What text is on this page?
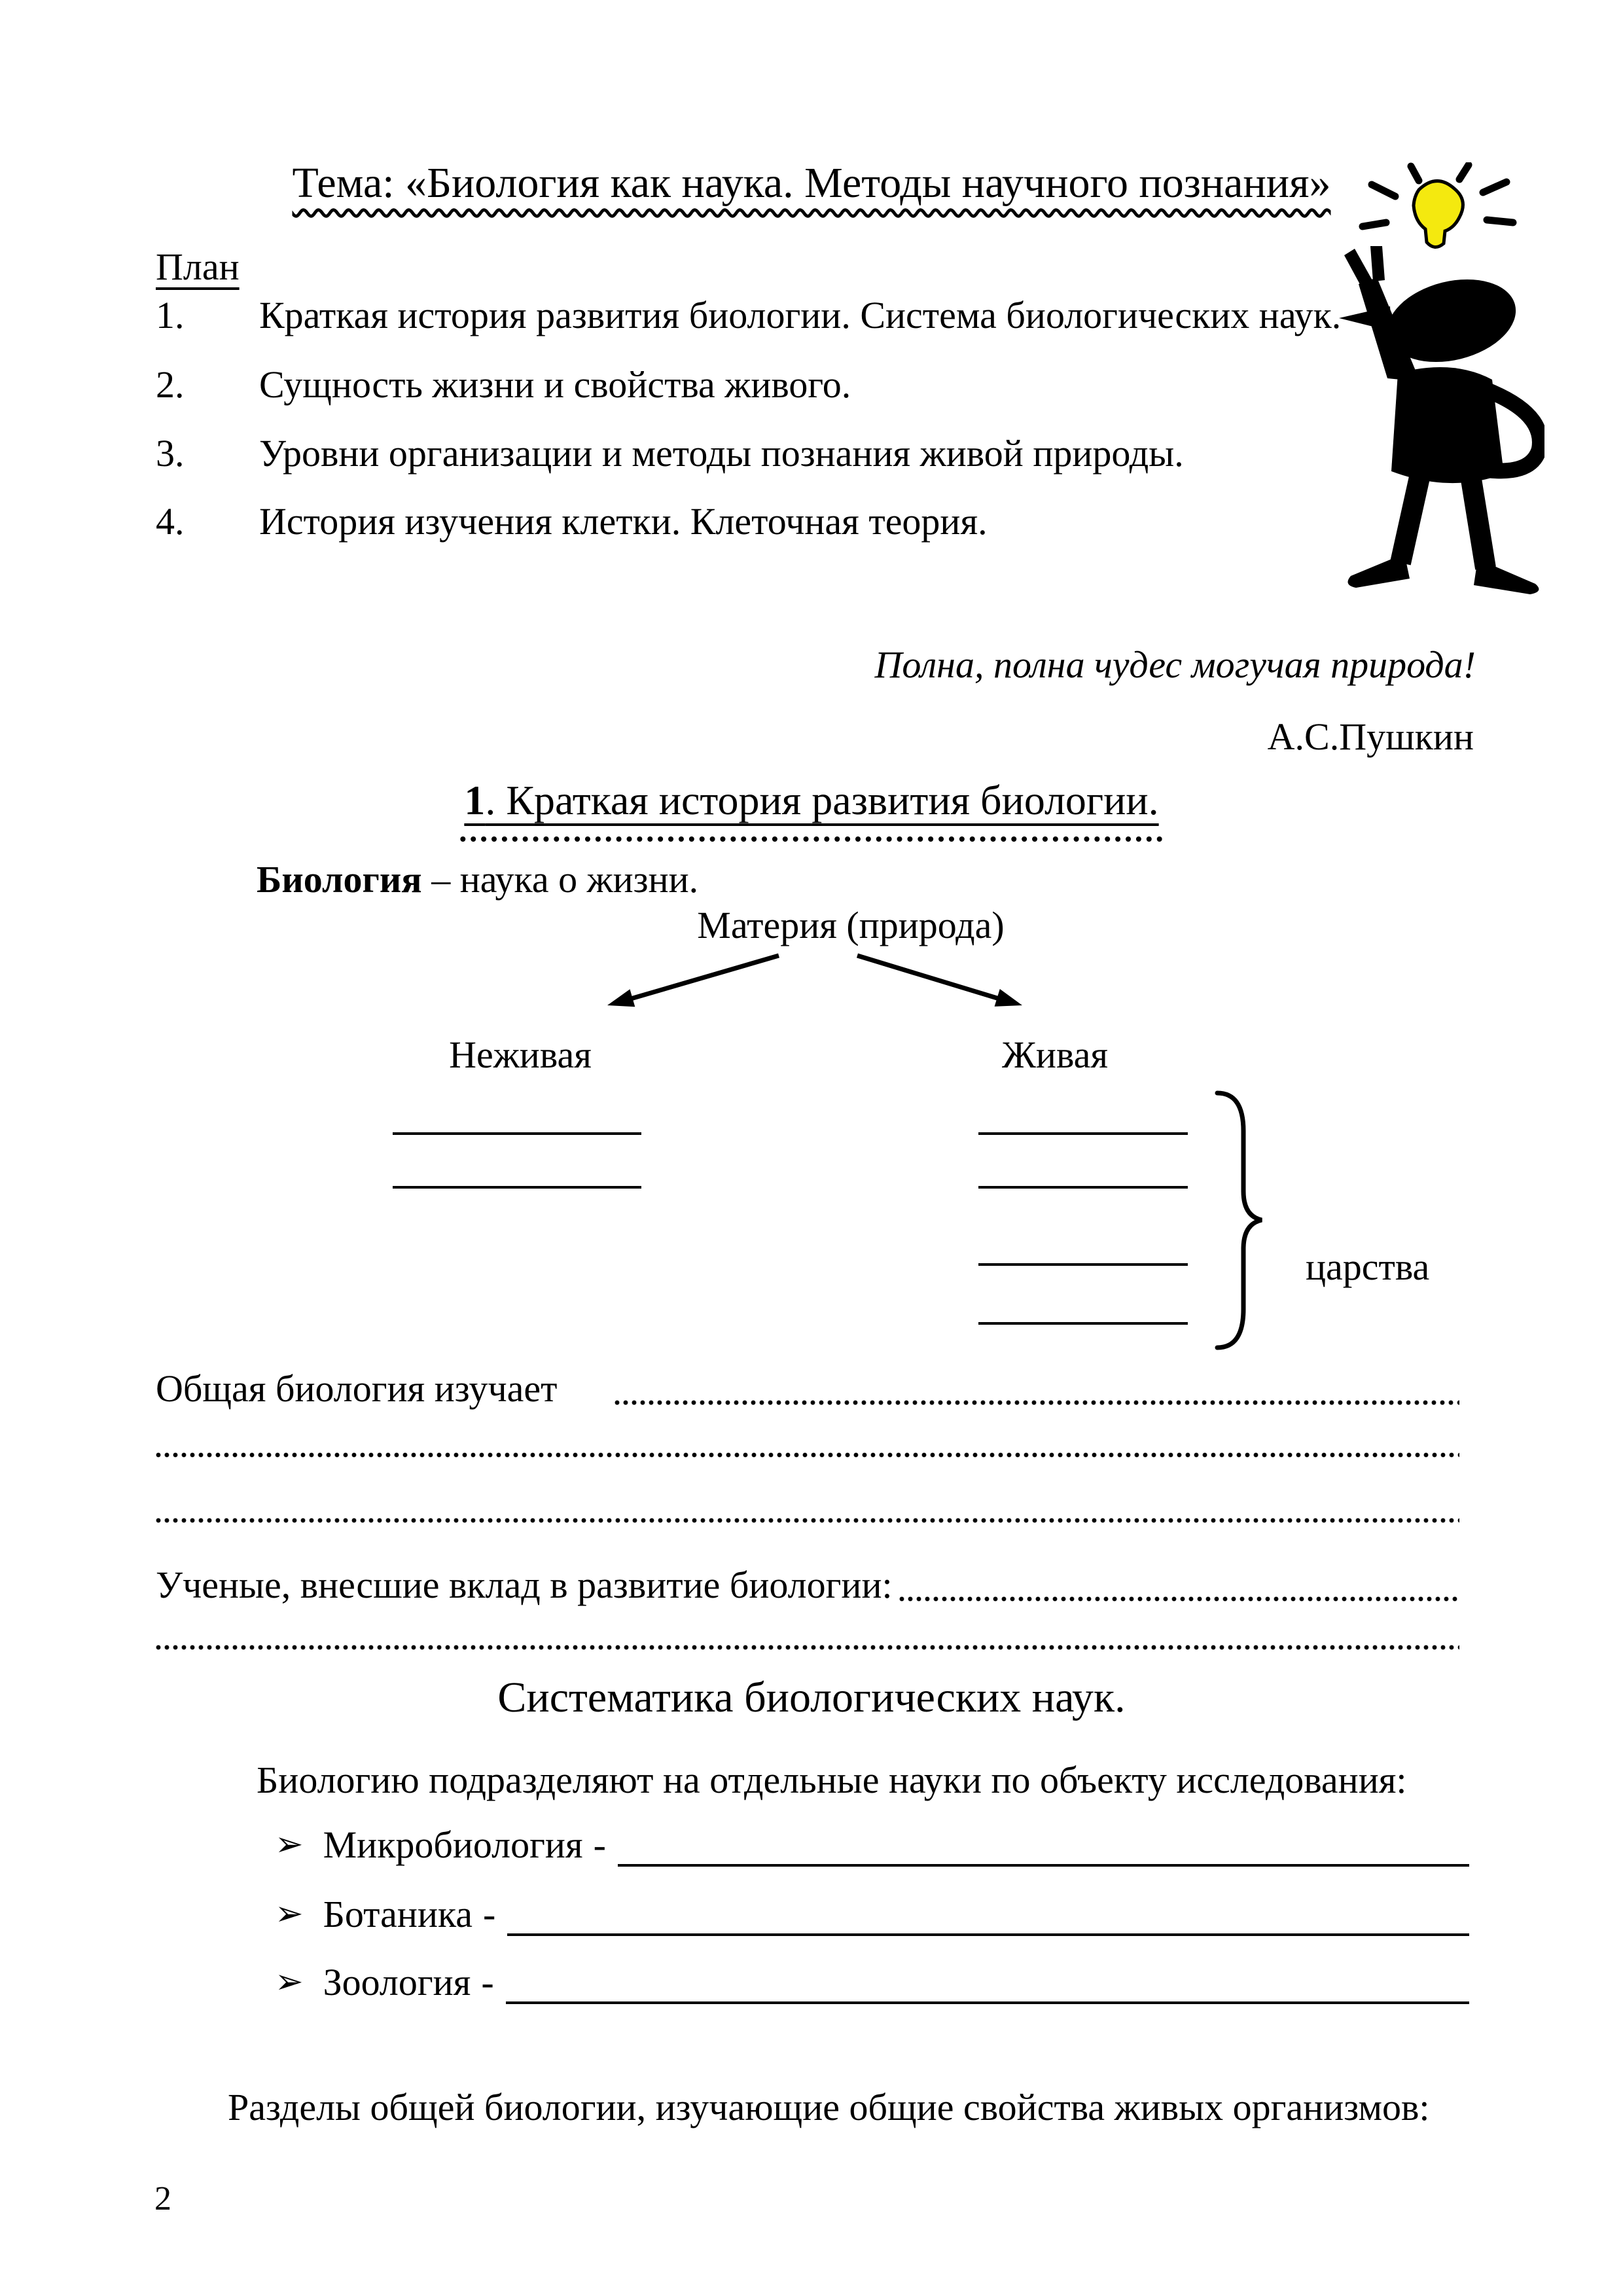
Тема: «Биология как наука. Методы научного познания»
План
1. Краткая история развития биологии. Система биологических наук.
2. Сущность жизни и свойства живого.
3. Уровни организации и методы познания живой природы.
4. История изучения клетки. Клеточная теория.
Полна, полна чудес могучая природа!
А.С.Пушкин
1. Краткая история развития биологии.
Биология – наука о жизни.
Материя (природа)
Неживая	Живая
царства
Общая биология изучает
Ученые, внесшие вклад в развитие биологии:
Систематика биологических наук.
Биологию подразделяют на отдельные науки по объекту исследования:
➢ Микробиология -
➢ Ботаника -
➢ Зоология -
Разделы общей биологии, изучающие общие свойства живых организмов:
2
